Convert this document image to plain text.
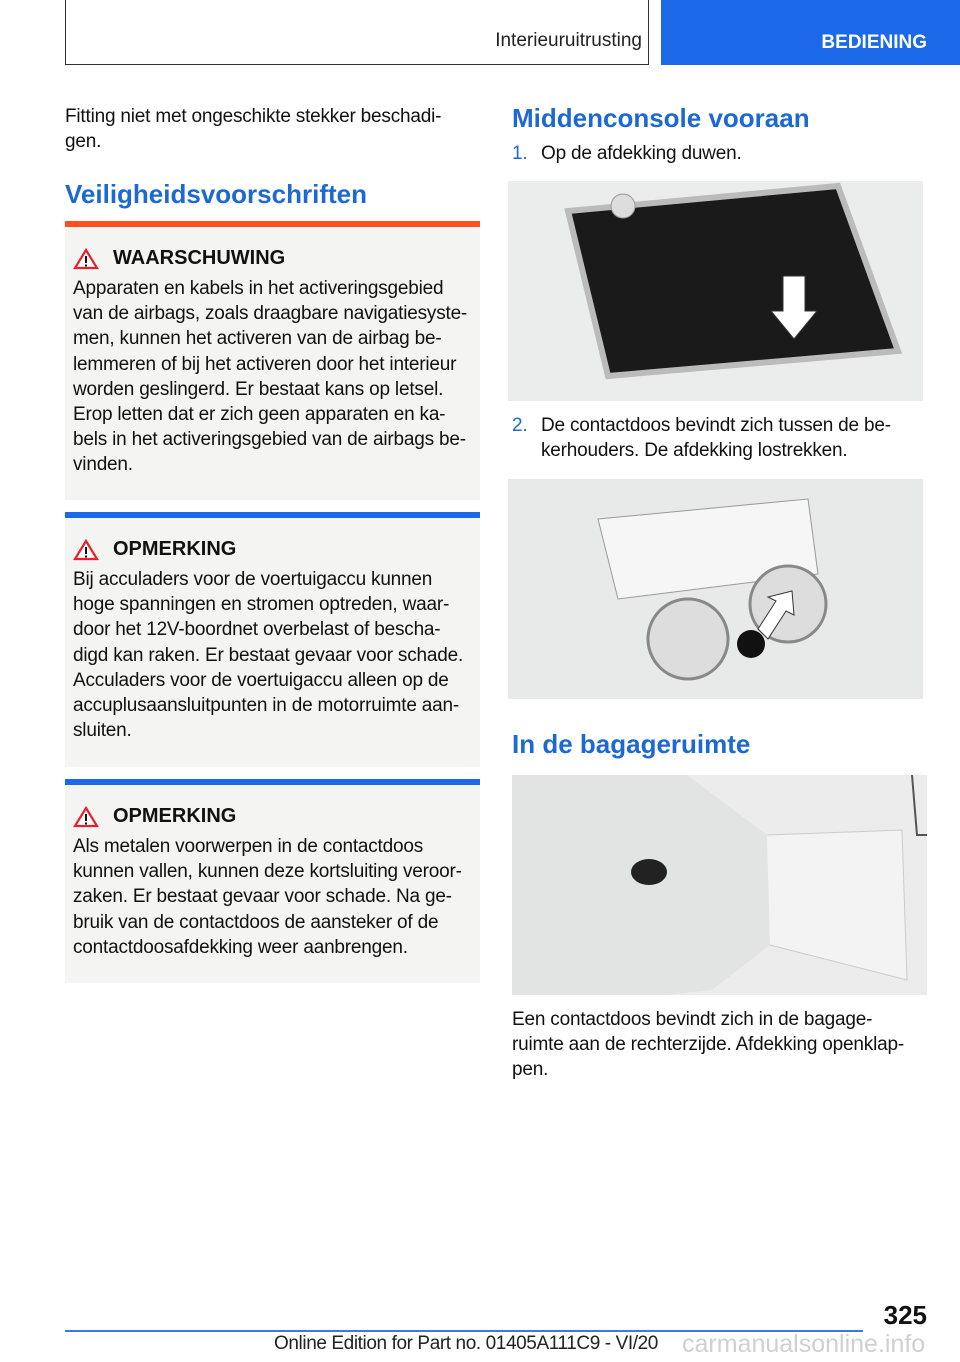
Interieuruitrusting	BEDIENING
Fitting niet met ongeschikte stekker beschadi-
gen.
Veiligheidsvoorschriften
WAARSCHUWING
Apparaten en kabels in het activeringsgebied
van de airbags, zoals draagbare navigatiesyste-
men, kunnen het activeren van de airbag be-
lemmeren of bij het activeren door het interieur
worden geslingerd. Er bestaat kans op letsel.
Erop letten dat er zich geen apparaten en ka-
bels in het activeringsgebied van de airbags be-
vinden.
OPMERKING
Bij acculaders voor de voertuigaccu kunnen
hoge spanningen en stromen optreden, waar-
door het 12V-boordnet overbelast of bescha-
digd kan raken. Er bestaat gevaar voor schade.
Acculaders voor de voertuigaccu alleen op de
accuplusaansluitpunten in de motorruimte aan-
sluiten.
OPMERKING
Als metalen voorwerpen in de contactdoos
kunnen vallen, kunnen deze kortsluiting veroor-
zaken. Er bestaat gevaar voor schade. Na ge-
bruik van de contactdoos de aansteker of de
contactdoosafdekking weer aanbrengen.
Middenconsole vooraan
1. Op de afdekking duwen.
2. De contactdoos bevindt zich tussen de be-
kerhouders. De afdekking lostrekken.
In de bagageruimte
Een contactdoos bevindt zich in de bagage-
ruimte aan de rechterzijde. Afdekking openklap-
pen.
325
Online Edition for Part no. 01405A111C9 - VI/20 carmanualsonline.info
